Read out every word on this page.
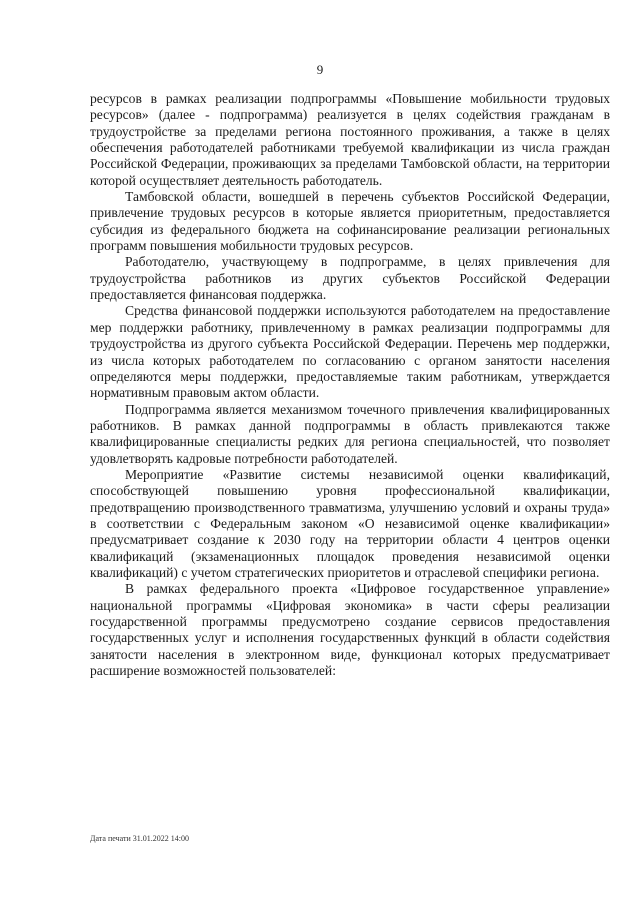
9

ресурсов в рамках реализации подпрограммы «Повышение мобильности трудовых ресурсов» (далее - подпрограмма) реализуется в целях содействия гражданам в трудоустройстве за пределами региона постоянного проживания, а также в целях обеспечения работодателей работниками требуемой квалификации из числа граждан Российской Федерации, проживающих за пределами Тамбовской области, на территории которой осуществляет деятельность работодатель.

Тамбовской области, вошедшей в перечень субъектов Российской Федерации, привлечение трудовых ресурсов в которые является приоритетным, предоставляется субсидия из федерального бюджета на софинансирование реализации региональных программ повышения мобильности трудовых ресурсов.

Работодателю, участвующему в подпрограмме, в целях привлечения для трудоустройства работников из других субъектов Российской Федерации предоставляется финансовая поддержка.

Средства финансовой поддержки используются работодателем на предоставление мер поддержки работнику, привлеченному в рамках реализации подпрограммы для трудоустройства из другого субъекта Российской Федерации. Перечень мер поддержки, из числа которых работодателем по согласованию с органом занятости населения определяются меры поддержки, предоставляемые таким работникам, утверждается нормативным правовым актом области.

Подпрограмма является механизмом точечного привлечения квалифицированных работников. В рамках данной подпрограммы в область привлекаются также квалифицированные специалисты редких для региона специальностей, что позволяет удовлетворять кадровые потребности работодателей.

Мероприятие «Развитие системы независимой оценки квалификаций, способствующей повышению уровня профессиональной квалификации, предотвращению производственного травматизма, улучшению условий и охраны труда» в соответствии с Федеральным законом «О независимой оценке квалификации» предусматривает создание к 2030 году на территории области 4 центров оценки квалификаций (экзаменационных площадок проведения независимой оценки квалификаций) с учетом стратегических приоритетов и отраслевой специфики региона.

В рамках федерального проекта «Цифровое государственное управление» национальной программы «Цифровая экономика» в части сферы реализации государственной программы предусмотрено создание сервисов предоставления государственных услуг и исполнения государственных функций в области содействия занятости населения в электронном виде, функционал которых предусматривает расширение возможностей пользователей:

Дата печати 31.01.2022 14:00
